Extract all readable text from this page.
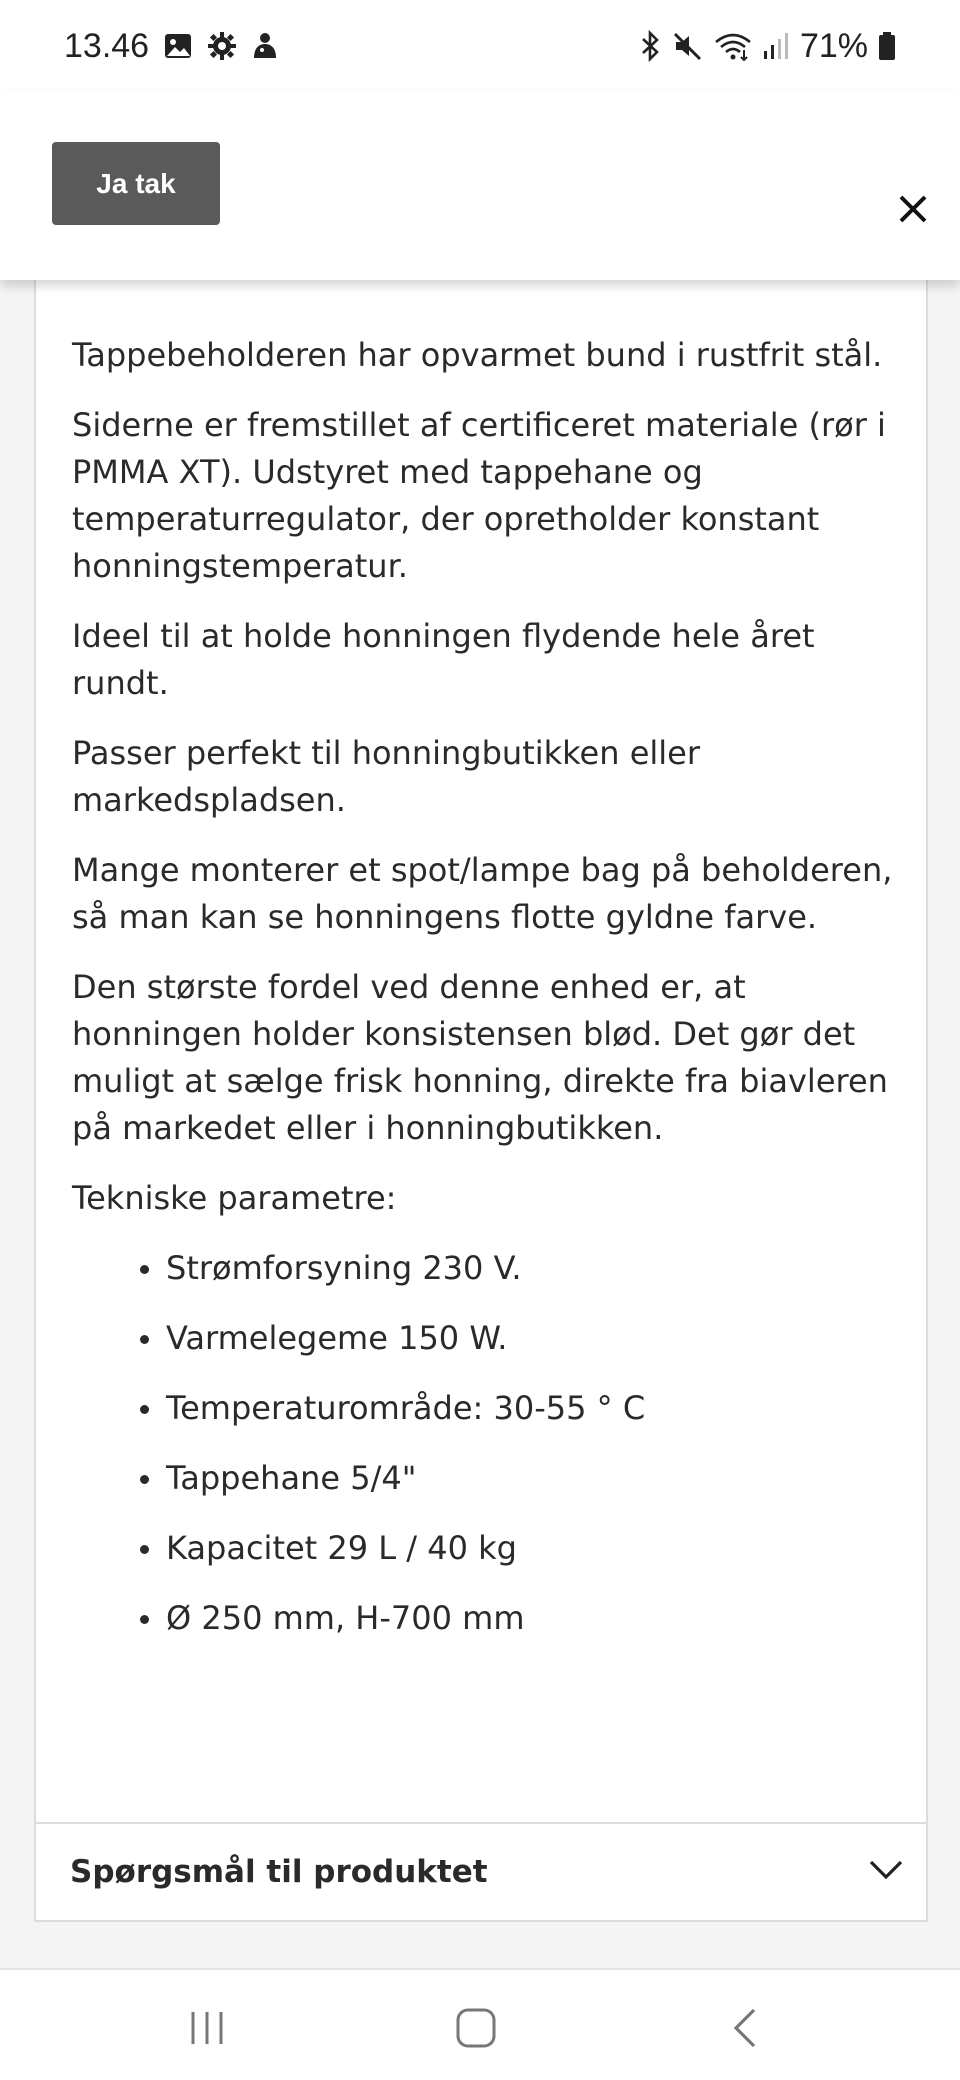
13.46	71%
Ja tak

Tappebeholderen har opvarmet bund i rustfrit stål.

Siderne er fremstillet af certificeret materiale (rør i PMMA XT). Udstyret med tappehane og temperaturregulator, der opretholder konstant honningstemperatur.

Ideel til at holde honningen flydende hele året rundt.

Passer perfekt til honningbutikken eller markedspladsen.

Mange monterer et spot/lampe bag på beholderen, så man kan se honningens flotte gyldne farve.

Den største fordel ved denne enhed er, at honningen holder konsistensen blød. Det gør det muligt at sælge frisk honning, direkte fra biavleren på markedet eller i honningbutikken.

Tekniske parametre:

Strømforsyning 230 V.
Varmelegeme 150 W.
Temperaturområde: 30-55 ° C
Tappehane 5/4"
Kapacitet 29 L / 40 kg
Ø 250 mm, H-700 mm
Spørgsmål til produktet
